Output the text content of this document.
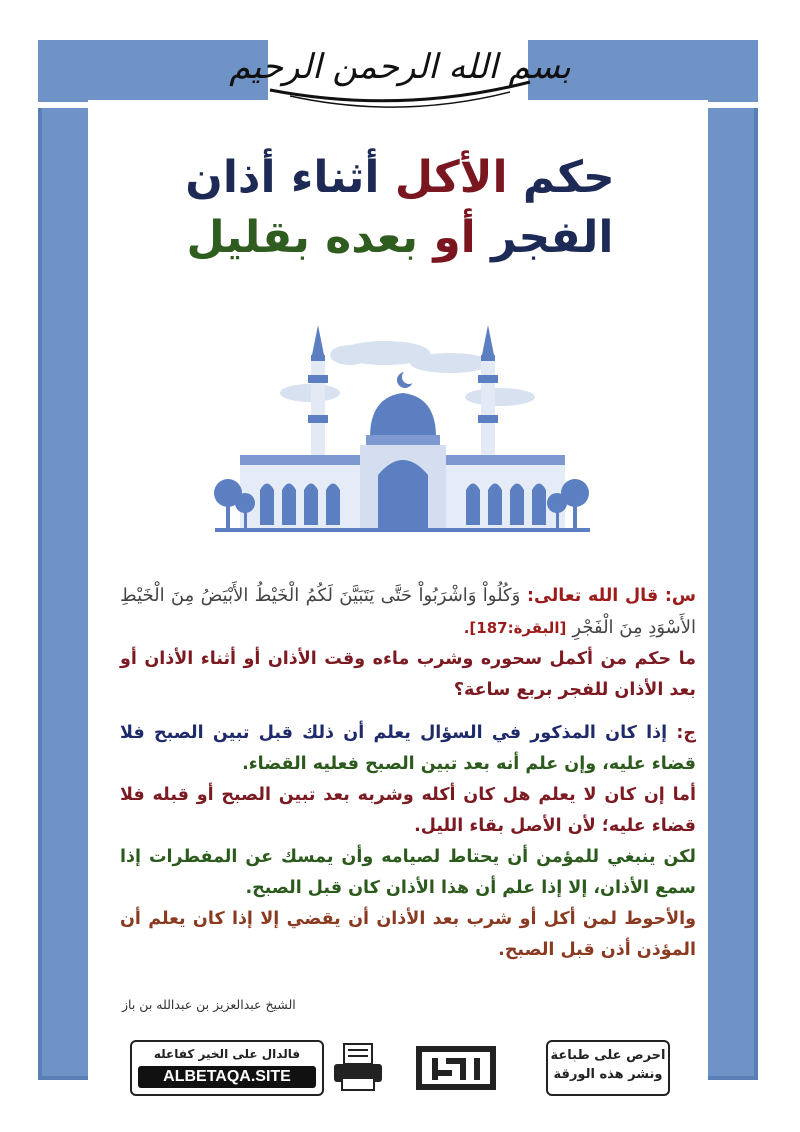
بسم الله الرحمن الرحيم
حكم الأكل أثناء أذان
الفجر أو بعده بقليل

س: قال الله تعالى: وَكُلُواْ وَاشْرَبُواْ حَتَّى يَتَبَيَّنَ لَكُمُ الْخَيْطُ الأَبْيَضُ مِنَ الْخَيْطِ الأَسْوَدِ مِنَ الْفَجْرِ [البقرة:187].

ما حكم من أكمل سحوره وشرب ماءه وقت الأذان أو أثناء الأذان أو بعد الأذان للفجر بربع ساعة؟

ج: إذا كان المذكور في السؤال يعلم أن ذلك قبل تبين الصبح فلا قضاء عليه، وإن علم أنه بعد تبين الصبح فعليه القضاء.

أما إن كان لا يعلم هل كان أكله وشربه بعد تبين الصبح أو قبله فلا قضاء عليه؛ لأن الأصل بقاء الليل.

لكن ينبغي للمؤمن أن يحتاط لصيامه وأن يمسك عن المفطرات إذا سمع الأذان، إلا إذا علم أن هذا الأذان كان قبل الصبح.

والأحوط لمن أكل أو شرب بعد الأذان أن يقضي إلا إذا كان يعلم أن المؤذن أذن قبل الصبح.

الشيخ عبدالعزيز بن عبدالله بن باز
احرص على طباعة
ونشر هذه الورقة
فالدال على الخير كفاعله
ALBETAQA.SITE
